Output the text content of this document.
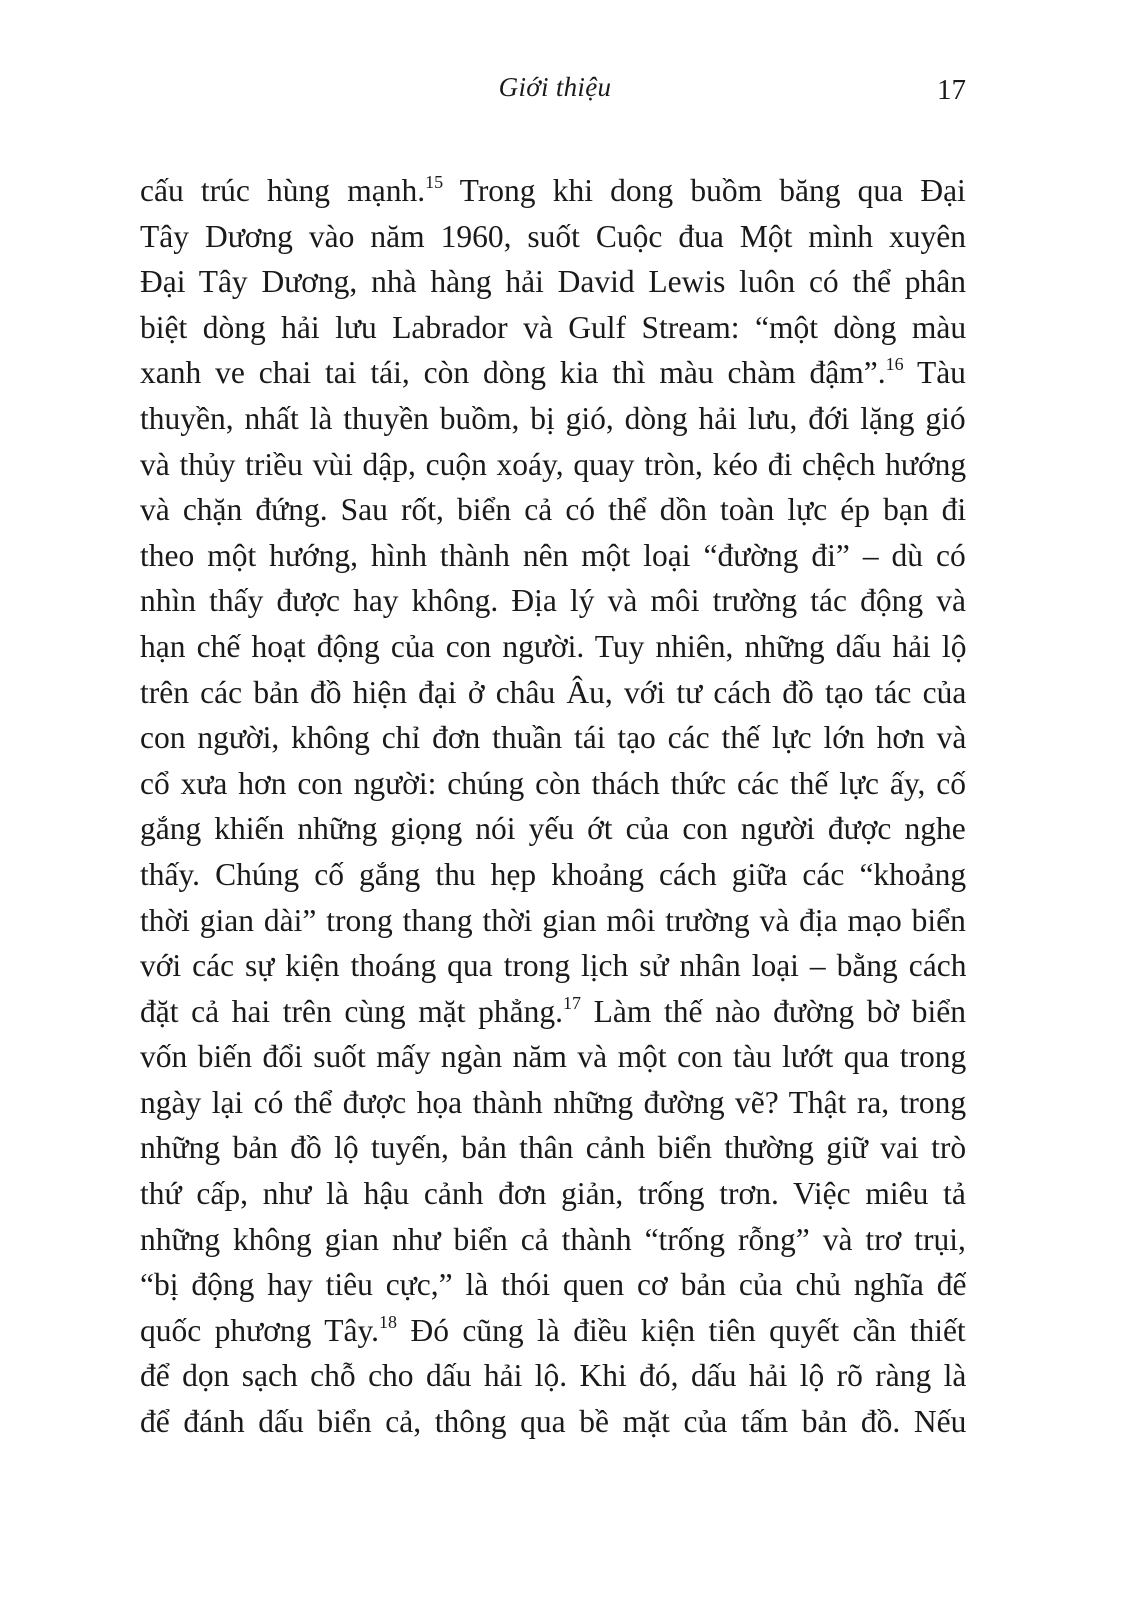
Giới thiệu	17
cấu trúc hùng mạnh.$^{15}$ Trong khi dong buồm băng qua Đại
Tây Dương vào năm 1960, suốt Cuộc đua Một mình xuyên
Đại Tây Dương, nhà hàng hải David Lewis luôn có thể phân
biệt dòng hải lưu Labrador và Gulf Stream: “một dòng màu
xanh ve chai tai tái, còn dòng kia thì màu chàm đậm”.$^{16}$ Tàu
thuyền, nhất là thuyền buồm, bị gió, dòng hải lưu, đới lặng gió
và thủy triều vùi dập, cuộn xoáy, quay tròn, kéo đi chệch hướng
và chặn đứng. Sau rốt, biển cả có thể dồn toàn lực ép bạn đi
theo một hướng, hình thành nên một loại “đường đi” – dù có
nhìn thấy được hay không. Địa lý và môi trường tác động và
hạn chế hoạt động của con người. Tuy nhiên, những dấu hải lộ
trên các bản đồ hiện đại ở châu Âu, với tư cách đồ tạo tác của
con người, không chỉ đơn thuần tái tạo các thế lực lớn hơn và
cổ xưa hơn con người: chúng còn thách thức các thế lực ấy, cố
gắng khiến những giọng nói yếu ớt của con người được nghe
thấy. Chúng cố gắng thu hẹp khoảng cách giữa các “khoảng
thời gian dài” trong thang thời gian môi trường và địa mạo biển
với các sự kiện thoáng qua trong lịch sử nhân loại – bằng cách
đặt cả hai trên cùng mặt phẳng.$^{17}$ Làm thế nào đường bờ biển
vốn biến đổi suốt mấy ngàn năm và một con tàu lướt qua trong
ngày lại có thể được họa thành những đường vẽ? Thật ra, trong
những bản đồ lộ tuyến, bản thân cảnh biển thường giữ vai trò
thứ cấp, như là hậu cảnh đơn giản, trống trơn. Việc miêu tả
những không gian như biển cả thành “trống rỗng” và trơ trụi,
“bị động hay tiêu cực,” là thói quen cơ bản của chủ nghĩa đế
quốc phương Tây.$^{18}$ Đó cũng là điều kiện tiên quyết cần thiết
để dọn sạch chỗ cho dấu hải lộ. Khi đó, dấu hải lộ rõ ràng là
để đánh dấu biển cả, thông qua bề mặt của tấm bản đồ. Nếu
